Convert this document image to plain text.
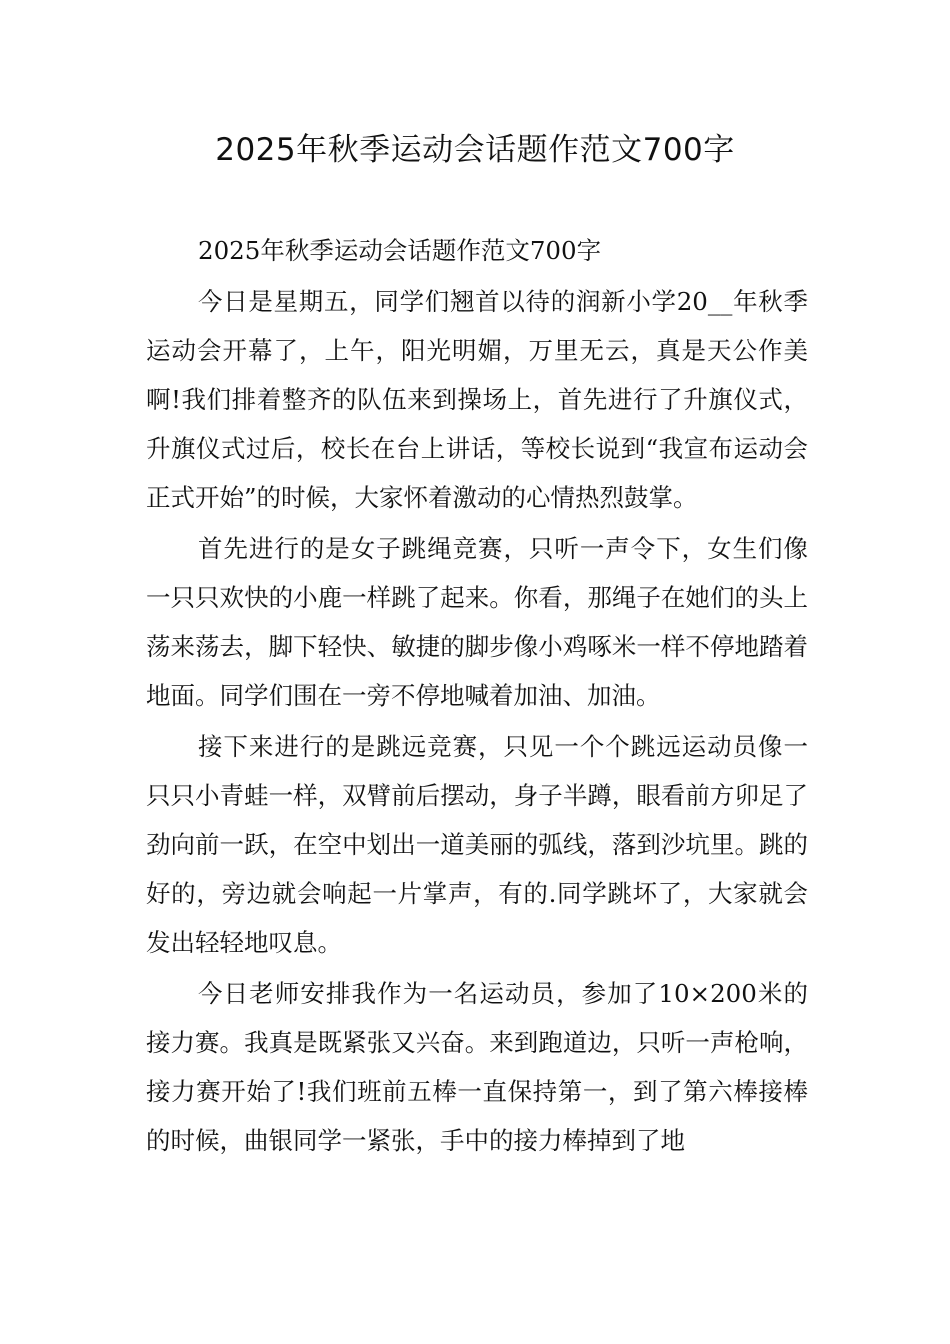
2025年秋季运动会话题作范文700字

2025年秋季运动会话题作范文700字

今日是星期五，同学们翘首以待的润新小学20__年秋季运动会开幕了，上午，阳光明媚，万里无云，真是天公作美啊!我们排着整齐的队伍来到操场上，首先进行了升旗仪式，升旗仪式过后，校长在台上讲话，等校长说到“我宣布运动会正式开始”的时候，大家怀着激动的心情热烈鼓掌。

首先进行的是女子跳绳竞赛，只听一声令下，女生们像一只只欢快的小鹿一样跳了起来。你看，那绳子在她们的头上荡来荡去，脚下轻快、敏捷的脚步像小鸡啄米一样不停地踏着地面。同学们围在一旁不停地喊着加油、加油。

接下来进行的是跳远竞赛，只见一个个跳远运动员像一只只小青蛙一样，双臂前后摆动，身子半蹲，眼看前方卯足了劲向前一跃，在空中划出一道美丽的弧线，落到沙坑里。跳的好的，旁边就会响起一片掌声，有的.同学跳坏了，大家就会发出轻轻地叹息。

今日老师安排我作为一名运动员，参加了10×200米的接力赛。我真是既紧张又兴奋。来到跑道边，只听一声枪响，接力赛开始了!我们班前五棒一直保持第一，到了第六棒接棒的时候，曲银同学一紧张，手中的接力棒掉到了地
